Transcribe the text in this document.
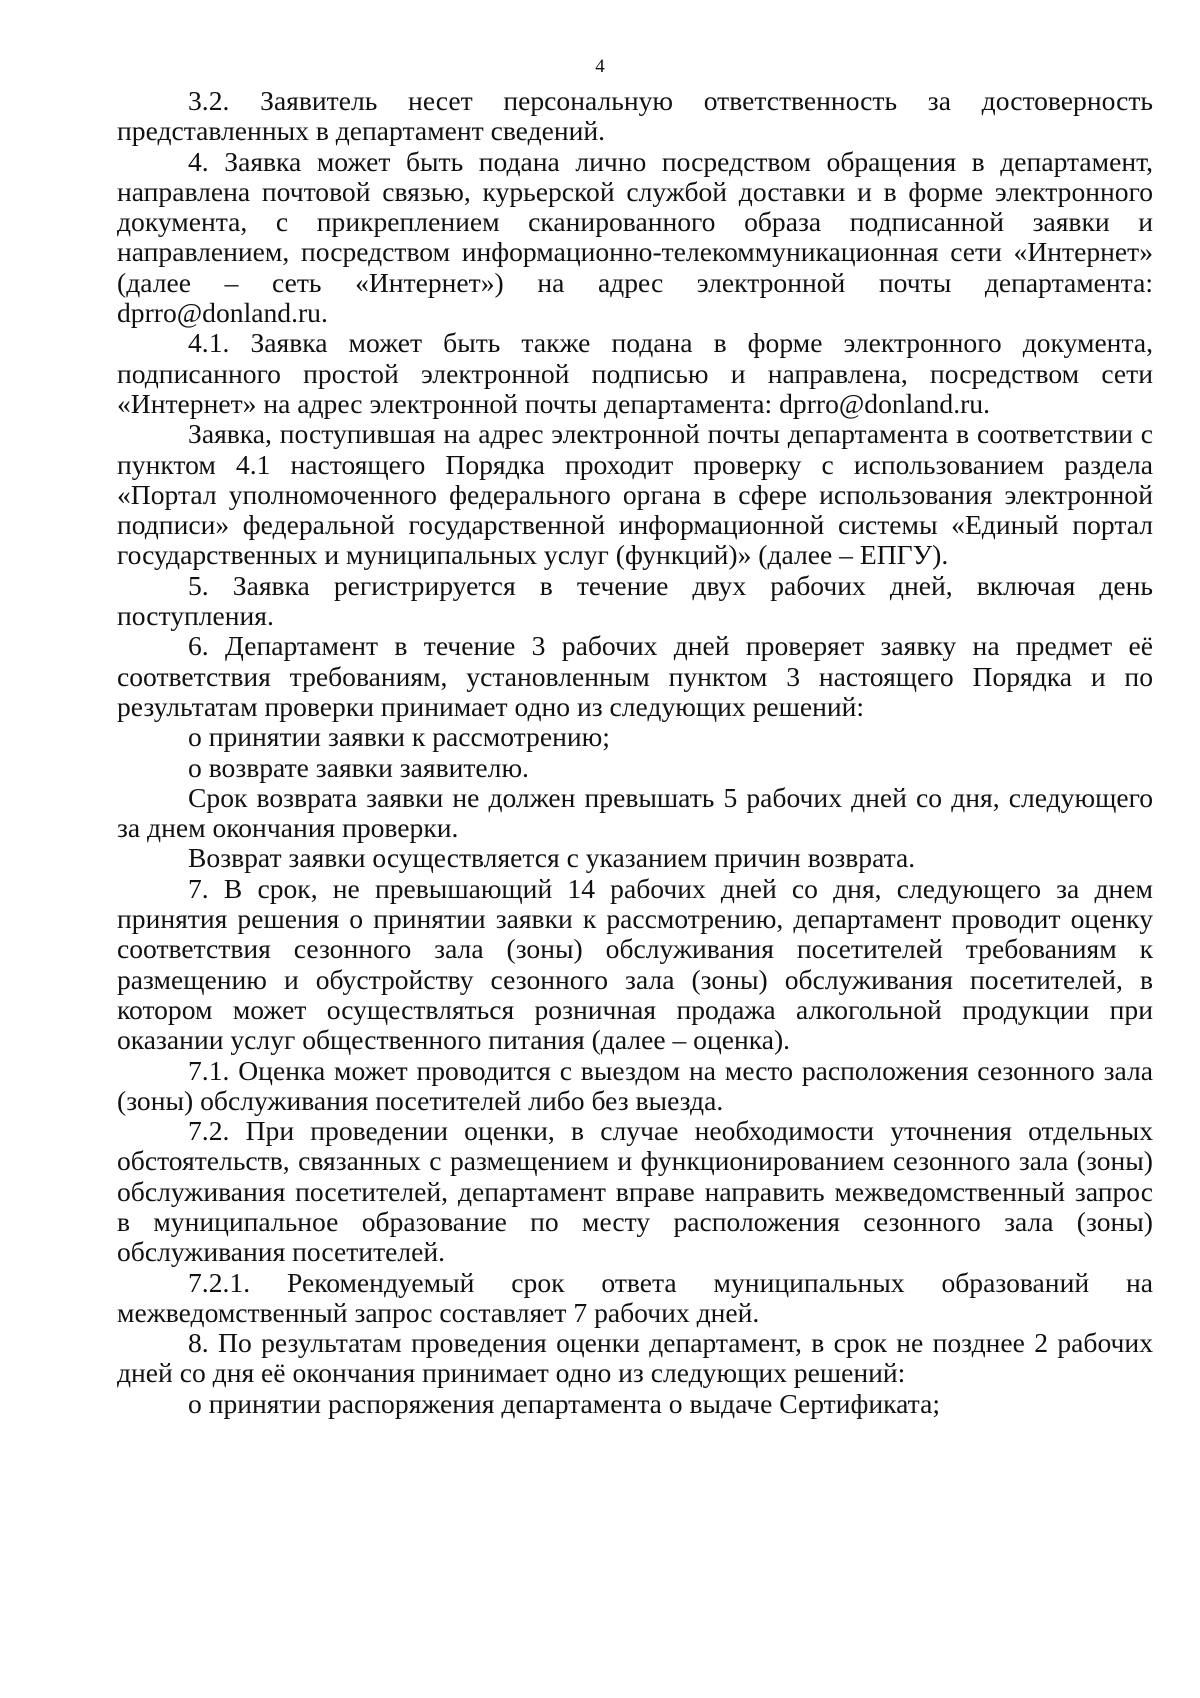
4

3.2. Заявитель несет персональную ответственность за достоверность представленных в департамент сведений.

4. Заявка может быть подана лично посредством обращения в департамент, направлена почтовой связью, курьерской службой доставки и в форме электронного документа, с прикреплением сканированного образа подписанной заявки и направлением, посредством информационно-телекоммуникационная сети «Интернет» (далее – сеть «Интернет») на адрес электронной почты департамента: dprro@donland.ru.

4.1. Заявка может быть также подана в форме электронного документа, подписанного простой электронной подписью и направлена, посредством сети «Интернет» на адрес электронной почты департамента: dprro@donland.ru.

Заявка, поступившая на адрес электронной почты департамента в соответствии с пунктом 4.1 настоящего Порядка проходит проверку с использованием раздела «Портал уполномоченного федерального органа в сфере использования электронной подписи» федеральной государственной информационной системы «Единый портал государственных и муниципальных услуг (функций)» (далее – ЕПГУ).

5. Заявка регистрируется в течение двух рабочих дней, включая день поступления.

6. Департамент в течение 3 рабочих дней проверяет заявку на предмет её соответствия требованиям, установленным пунктом 3 настоящего Порядка и по результатам проверки принимает одно из следующих решений:

о принятии заявки к рассмотрению;

о возврате заявки заявителю.

Срок возврата заявки не должен превышать 5 рабочих дней со дня, следующего за днем окончания проверки.

Возврат заявки осуществляется с указанием причин возврата.

7. В срок, не превышающий 14 рабочих дней со дня, следующего за днем принятия решения о принятии заявки к рассмотрению, департамент проводит оценку соответствия сезонного зала (зоны) обслуживания посетителей требованиям к размещению и обустройству сезонного зала (зоны) обслуживания посетителей, в котором может осуществляться розничная продажа алкогольной продукции при оказании услуг общественного питания (далее – оценка).

7.1. Оценка может проводится с выездом на место расположения сезонного зала (зоны) обслуживания посетителей либо без выезда.

7.2. При проведении оценки, в случае необходимости уточнения отдельных обстоятельств, связанных с размещением и функционированием сезонного зала (зоны) обслуживания посетителей, департамент вправе направить межведомственный запрос в муниципальное образование по месту расположения сезонного зала (зоны) обслуживания посетителей.

7.2.1. Рекомендуемый срок ответа муниципальных образований на межведомственный запрос составляет 7 рабочих дней.

8. По результатам проведения оценки департамент, в срок не позднее 2 рабочих дней со дня её окончания принимает одно из следующих решений:

о принятии распоряжения департамента о выдаче Сертификата;
